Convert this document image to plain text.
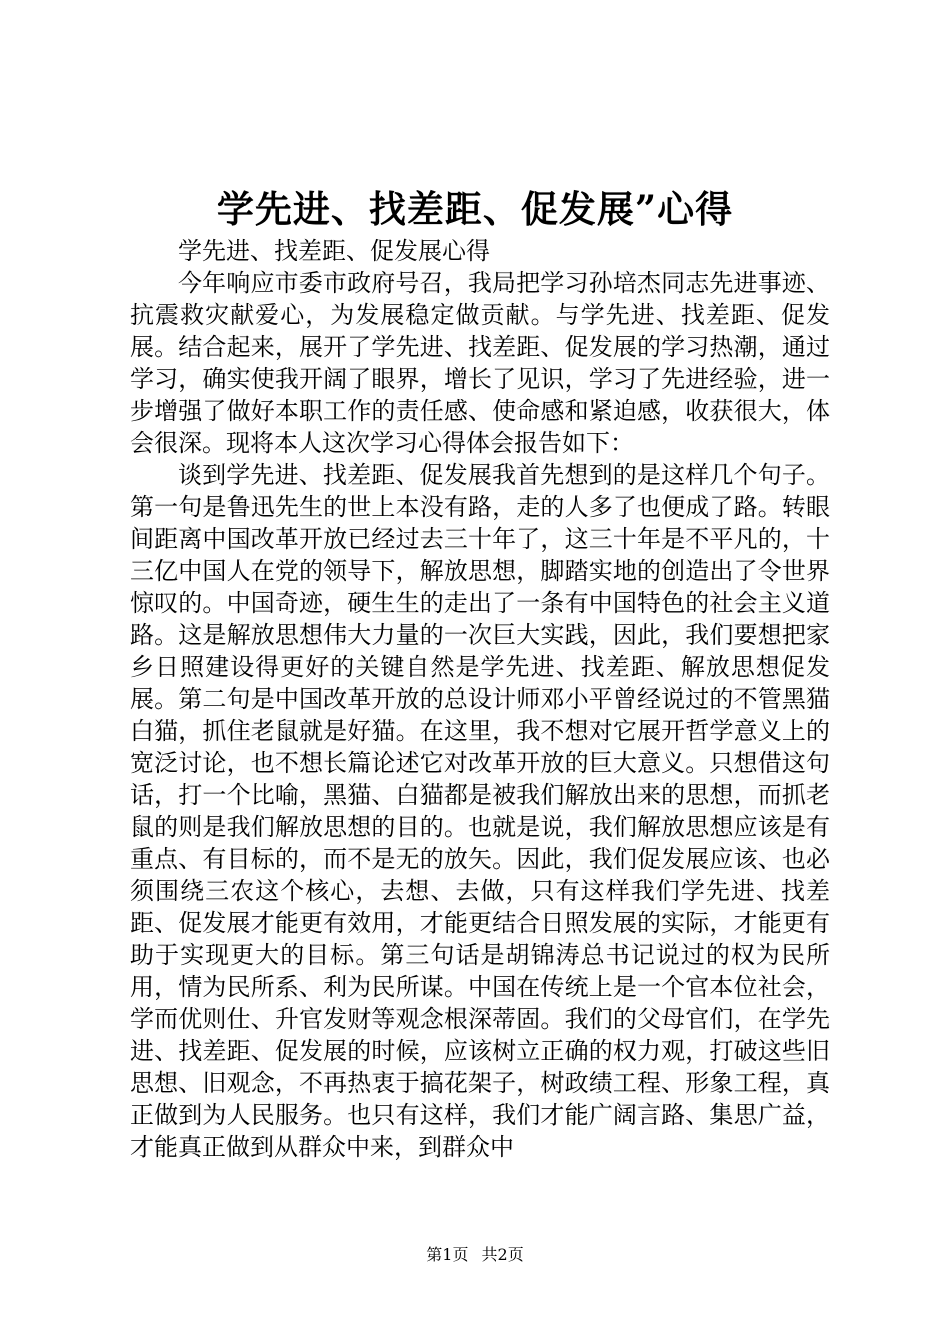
学先进、找差距、促发展”心得

学先进、找差距、促发展心得

今年响应市委市政府号召，我局把学习孙培杰同志先进事迹、抗震救灾献爱心，为发展稳定做贡献。与学先进、找差距、促发展。结合起来，展开了学先进、找差距、促发展的学习热潮，通过学习，确实使我开阔了眼界，增长了见识，学习了先进经验，进一步增强了做好本职工作的责任感、使命感和紧迫感，收获很大，体会很深。现将本人这次学习心得体会报告如下：

谈到学先进、找差距、促发展我首先想到的是这样几个句子。第一句是鲁迅先生的世上本没有路，走的人多了也便成了路。转眼间距离中国改革开放已经过去三十年了，这三十年是不平凡的，十三亿中国人在党的领导下，解放思想，脚踏实地的创造出了令世界惊叹的。中国奇迹，硬生生的走出了一条有中国特色的社会主义道路。这是解放思想伟大力量的一次巨大实践，因此，我们要想把家乡日照建设得更好的关键自然是学先进、找差距、解放思想促发展。第二句是中国改革开放的总设计师邓小平曾经说过的不管黑猫白猫，抓住老鼠就是好猫。在这里，我不想对它展开哲学意义上的宽泛讨论，也不想长篇论述它对改革开放的巨大意义。只想借这句话，打一个比喻，黑猫、白猫都是被我们解放出来的思想，而抓老鼠的则是我们解放思想的目的。也就是说，我们解放思想应该是有重点、有目标的，而不是无的放矢。因此，我们促发展应该、也必须围绕三农这个核心，去想、去做，只有这样我们学先进、找差距、促发展才能更有效用，才能更结合日照发展的实际，才能更有助于实现更大的目标。第三句话是胡锦涛总书记说过的权为民所用，情为民所系、利为民所谋。中国在传统上是一个官本位社会，学而优则仕、升官发财等观念根深蒂固。我们的父母官们，在学先进、找差距、促发展的时候，应该树立正确的权力观，打破这些旧思想、旧观念，不再热衷于搞花架子，树政绩工程、形象工程，真正做到为人民服务。也只有这样，我们才能广阔言路、集思广益，才能真正做到从群众中来，到群众中

第1页 共2页
